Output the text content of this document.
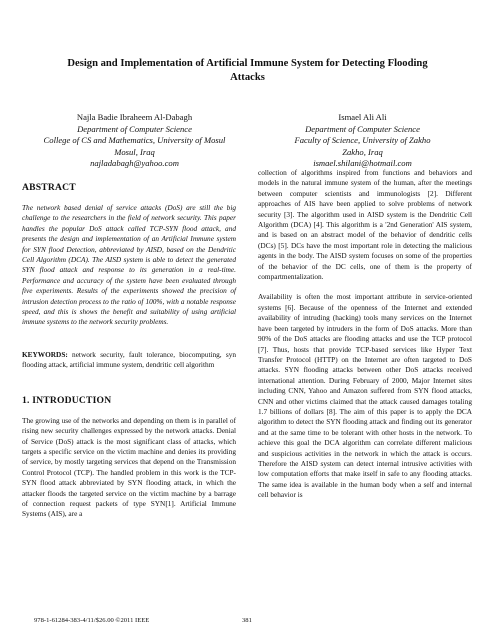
Design and Implementation of Artificial Immune System for Detecting Flooding Attacks
Najla Badie Ibraheem Al-Dabagh
Department of Computer Science
College of CS and Mathematics, University of Mosul
Mosul, Iraq
najladabagh@yahoo.com
Ismael Ali Ali
Department of Computer Science
Faculty of Science, University of Zakho
Zakho, Iraq
ismael.shilani@hotmail.com
ABSTRACT

The network based denial of service attacks (DoS) are still the big challenge to the researchers in the field of network security. This paper handles the popular DoS attack called TCP-SYN flood attack, and presents the design and implementation of an Artificial Immune system for SYN flood Detection, abbreviated by AISD, based on the Dendritic Cell Algorithm (DCA). The AISD system is able to detect the generated SYN flood attack and response to its generation in a real-time. Performance and accuracy of the system have been evaluated through five experiments. Results of the experiments showed the precision of intrusion detection process to the ratio of 100%, with a notable response speed, and this is shows the benefit and suitability of using artificial immune systems to the network security problems.

KEYWORDS: network security, fault tolerance, biocomputing, syn flooding attack, artificial immune system, dendritic cell algorithm

1. INTRODUCTION

The growing use of the networks and depending on them is in parallel of rising new security challenges expressed by the network attacks. Denial of Service (DoS) attack is the most significant class of attacks, which targets a specific service on the victim machine and denies its providing of service, by mostly targeting services that depend on the Transmission Control Protocol (TCP). The handled problem in this work is the TCP-SYN flood attack abbreviated by SYN flooding attack, in which the attacker floods the targeted service on the victim machine by a barrage of connection request packets of type SYN[1]. Artificial Immune Systems (AIS), are a

collection of algorithms inspired from functions and behaviors and models in the natural immune system of the human, after the meetings between computer scientists and immunologists [2]. Different approaches of AIS have been applied to solve problems of network security [3]. The algorithm used in AISD system is the Dendritic Cell Algorithm (DCA) [4]. This algorithm is a '2nd Generation' AIS system, and is based on an abstract model of the behavior of dendritic cells (DCs) [5]. DCs have the most important role in detecting the malicious agents in the body. The AISD system focuses on some of the properties of the behavior of the DC cells, one of them is the property of compartmentalization.

Availability is often the most important attribute in service-oriented systems [6]. Because of the openness of the Internet and extended availability of intruding (hacking) tools many services on the Internet have been targeted by intruders in the form of DoS attacks. More than 90% of the DoS attacks are flooding attacks and use the TCP protocol [7]. Thus, hosts that provide TCP-based services like Hyper Text Transfer Protocol (HTTP) on the Internet are often targeted to DoS attacks. SYN flooding attacks between other DoS attacks received international attention. During February of 2000, Major Internet sites including CNN, Yahoo and Amazon suffered from SYN flood attacks, CNN and other victims claimed that the attack caused damages totaling 1.7 billions of dollars [8]. The aim of this paper is to apply the DCA algorithm to detect the SYN flooding attack and finding out its generator and at the same time to be tolerant with other hosts in the network. To achieve this goal the DCA algorithm can correlate different malicious and suspicious activities in the network in which the attack is occurs. Therefore the AISD system can detect internal intrusive activities with low computation efforts that make itself in safe to any flooding attacks. The same idea is available in the human body when a self and internal cell behavior is

978-1-61284-383-4/11/$26.00 ©2011 IEEE	381
